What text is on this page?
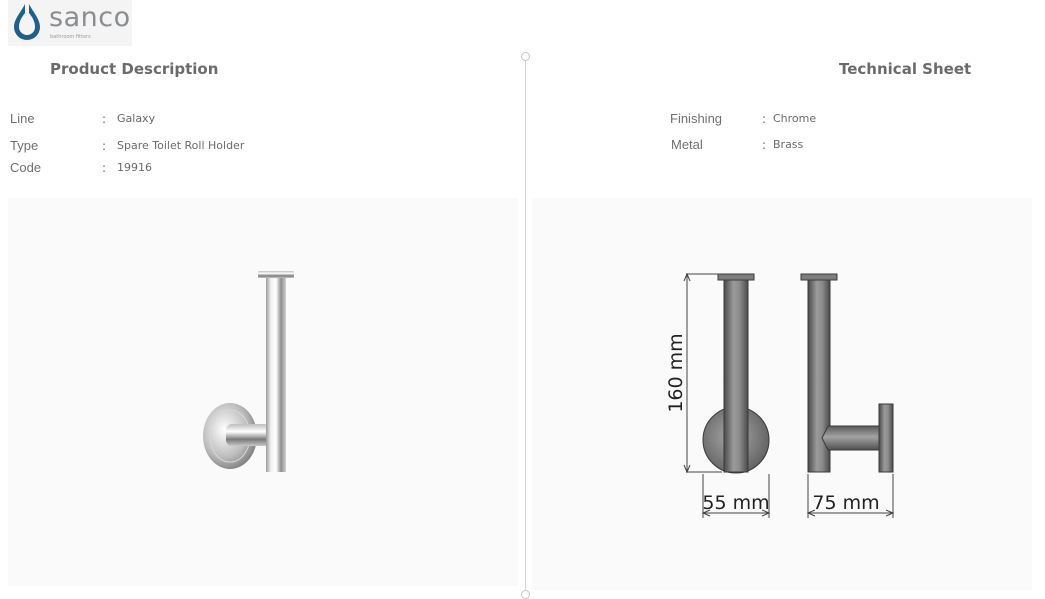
sanco
bathroom fitters
Product Description
Line	: Galaxy
Type	: Spare Toilet Roll Holder
Code	: 19916
Technical Sheet
Finishing	: Chrome
Metal	: Brass
160 mm
55 mm 75 mm
